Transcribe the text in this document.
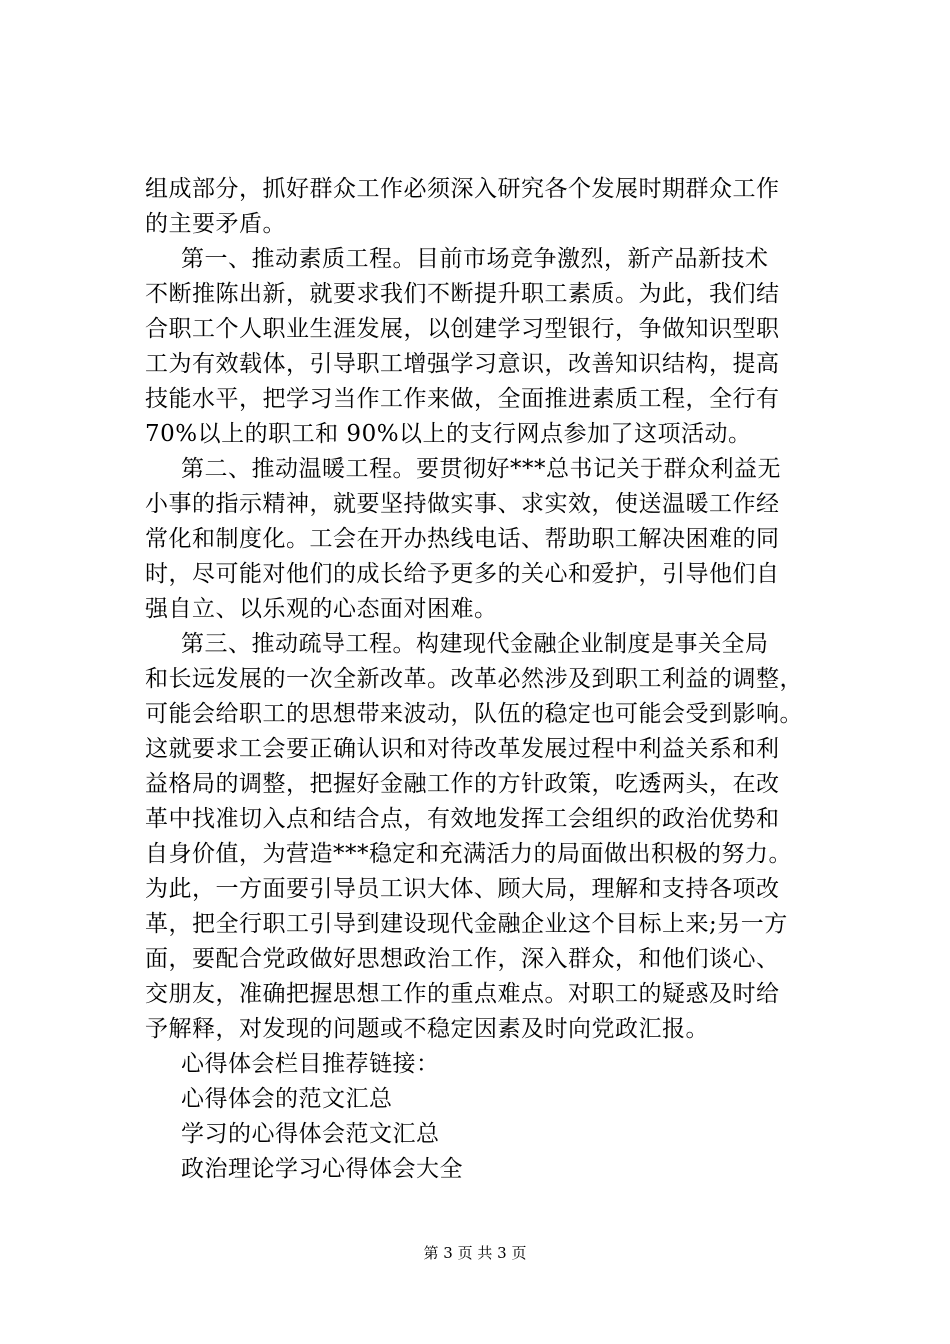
组成部分，抓好群众工作必须深入研究各个发展时期群众工作
的主要矛盾。
第一、推动素质工程。目前市场竞争激烈，新产品新技术
不断推陈出新，就要求我们不断提升职工素质。为此，我们结
合职工个人职业生涯发展，以创建学习型银行，争做知识型职
工为有效载体，引导职工增强学习意识，改善知识结构，提高
技能水平，把学习当作工作来做，全面推进素质工程，全行有
70%以上的职工和 90%以上的支行网点参加了这项活动。
第二、推动温暖工程。要贯彻好***总书记关于群众利益无
小事的指示精神，就要坚持做实事、求实效，使送温暖工作经
常化和制度化。工会在开办热线电话、帮助职工解决困难的同
时，尽可能对他们的成长给予更多的关心和爱护，引导他们自
强自立、以乐观的心态面对困难。
第三、推动疏导工程。构建现代金融企业制度是事关全局
和长远发展的一次全新改革。改革必然涉及到职工利益的调整，
可能会给职工的思想带来波动，队伍的稳定也可能会受到影响。
这就要求工会要正确认识和对待改革发展过程中利益关系和利
益格局的调整，把握好金融工作的方针政策，吃透两头，在改
革中找准切入点和结合点，有效地发挥工会组织的政治优势和
自身价值，为营造***稳定和充满活力的局面做出积极的努力。
为此，一方面要引导员工识大体、顾大局，理解和支持各项改
革，把全行职工引导到建设现代金融企业这个目标上来;另一方
面，要配合党政做好思想政治工作，深入群众，和他们谈心、
交朋友，准确把握思想工作的重点难点。对职工的疑惑及时给
予解释，对发现的问题或不稳定因素及时向党政汇报。
心得体会栏目推荐链接：
心得体会的范文汇总
学习的心得体会范文汇总
政治理论学习心得体会大全
第 3 页 共 3 页
